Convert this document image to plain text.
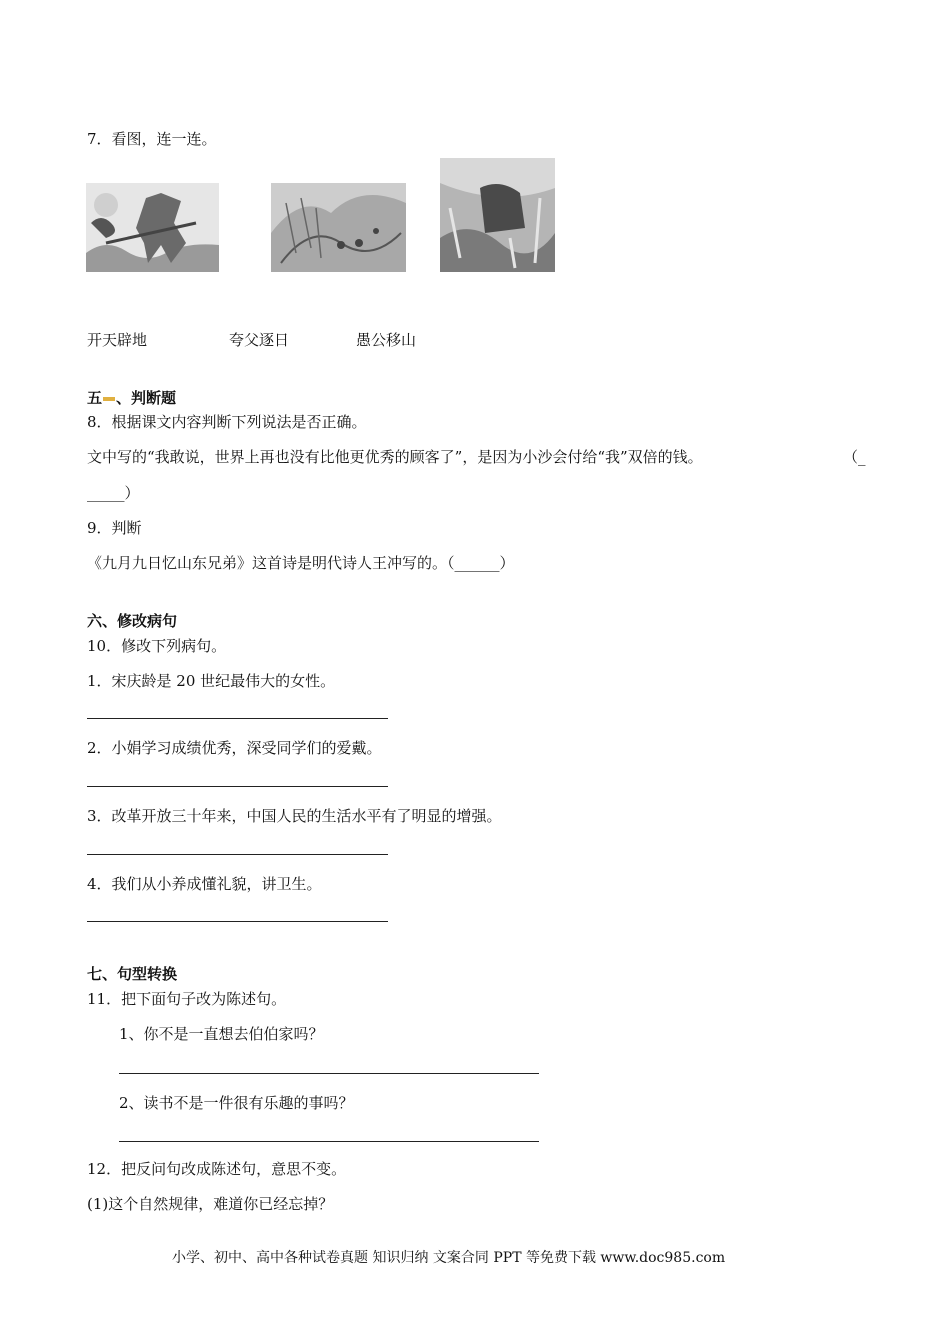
7．看图，连一连。
开天辟地	夸父逐日	愚公移山
五 、判断题
8．根据课文内容判断下列说法是否正确。
文中写的“我敢说，世界上再也没有比他更优秀的顾客了”，是因为小沙会付给“我”双倍的钱。	（_
_____）
9．判断
《九月九日忆山东兄弟》这首诗是明代诗人王冲写的。（______）
六、修改病句
10．修改下列病句。
1．宋庆龄是 20 世纪最伟大的女性。
2．小娟学习成绩优秀，深受同学们的爱戴。
3．改革开放三十年来，中国人民的生活水平有了明显的增强。
4．我们从小养成懂礼貌，讲卫生。
七、句型转换
11．把下面句子改为陈述句。
1、你不是一直想去伯伯家吗？
2、读书不是一件很有乐趣的事吗？
12．把反问句改成陈述句，意思不变。
(1)这个自然规律，难道你已经忘掉？
小学、初中、高中各种试卷真题 知识归纳 文案合同 PPT 等免费下载 www.doc985.com
